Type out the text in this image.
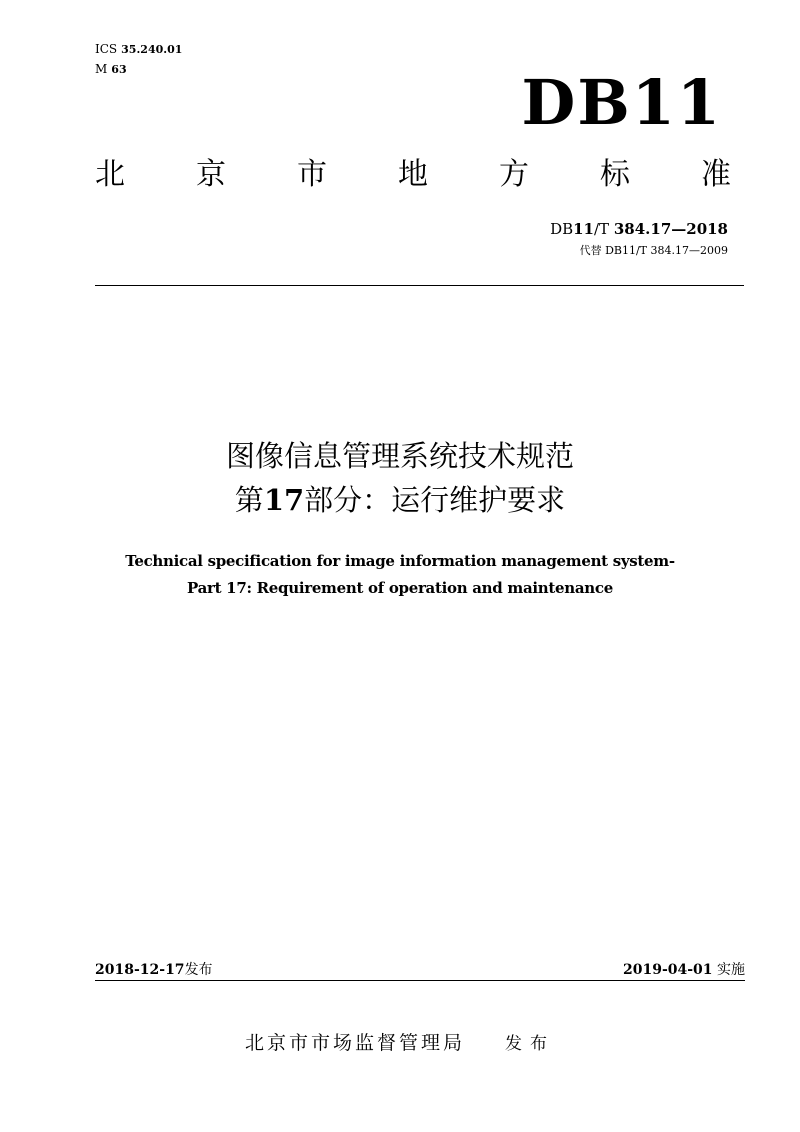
ICS 35.240.01
M 63	DB11
北 京 市 地 方 标 准
DB11/T 384.17—2018
代替 DB11/T 384.17—2009
图像信息管理系统技术规范
第17部分：运行维护要求
Technical specification for image information management system-
Part 17: Requirement of operation and maintenance
2018-12-17发布	2019-04-01 实施
北京市市场监督管理局 发布
